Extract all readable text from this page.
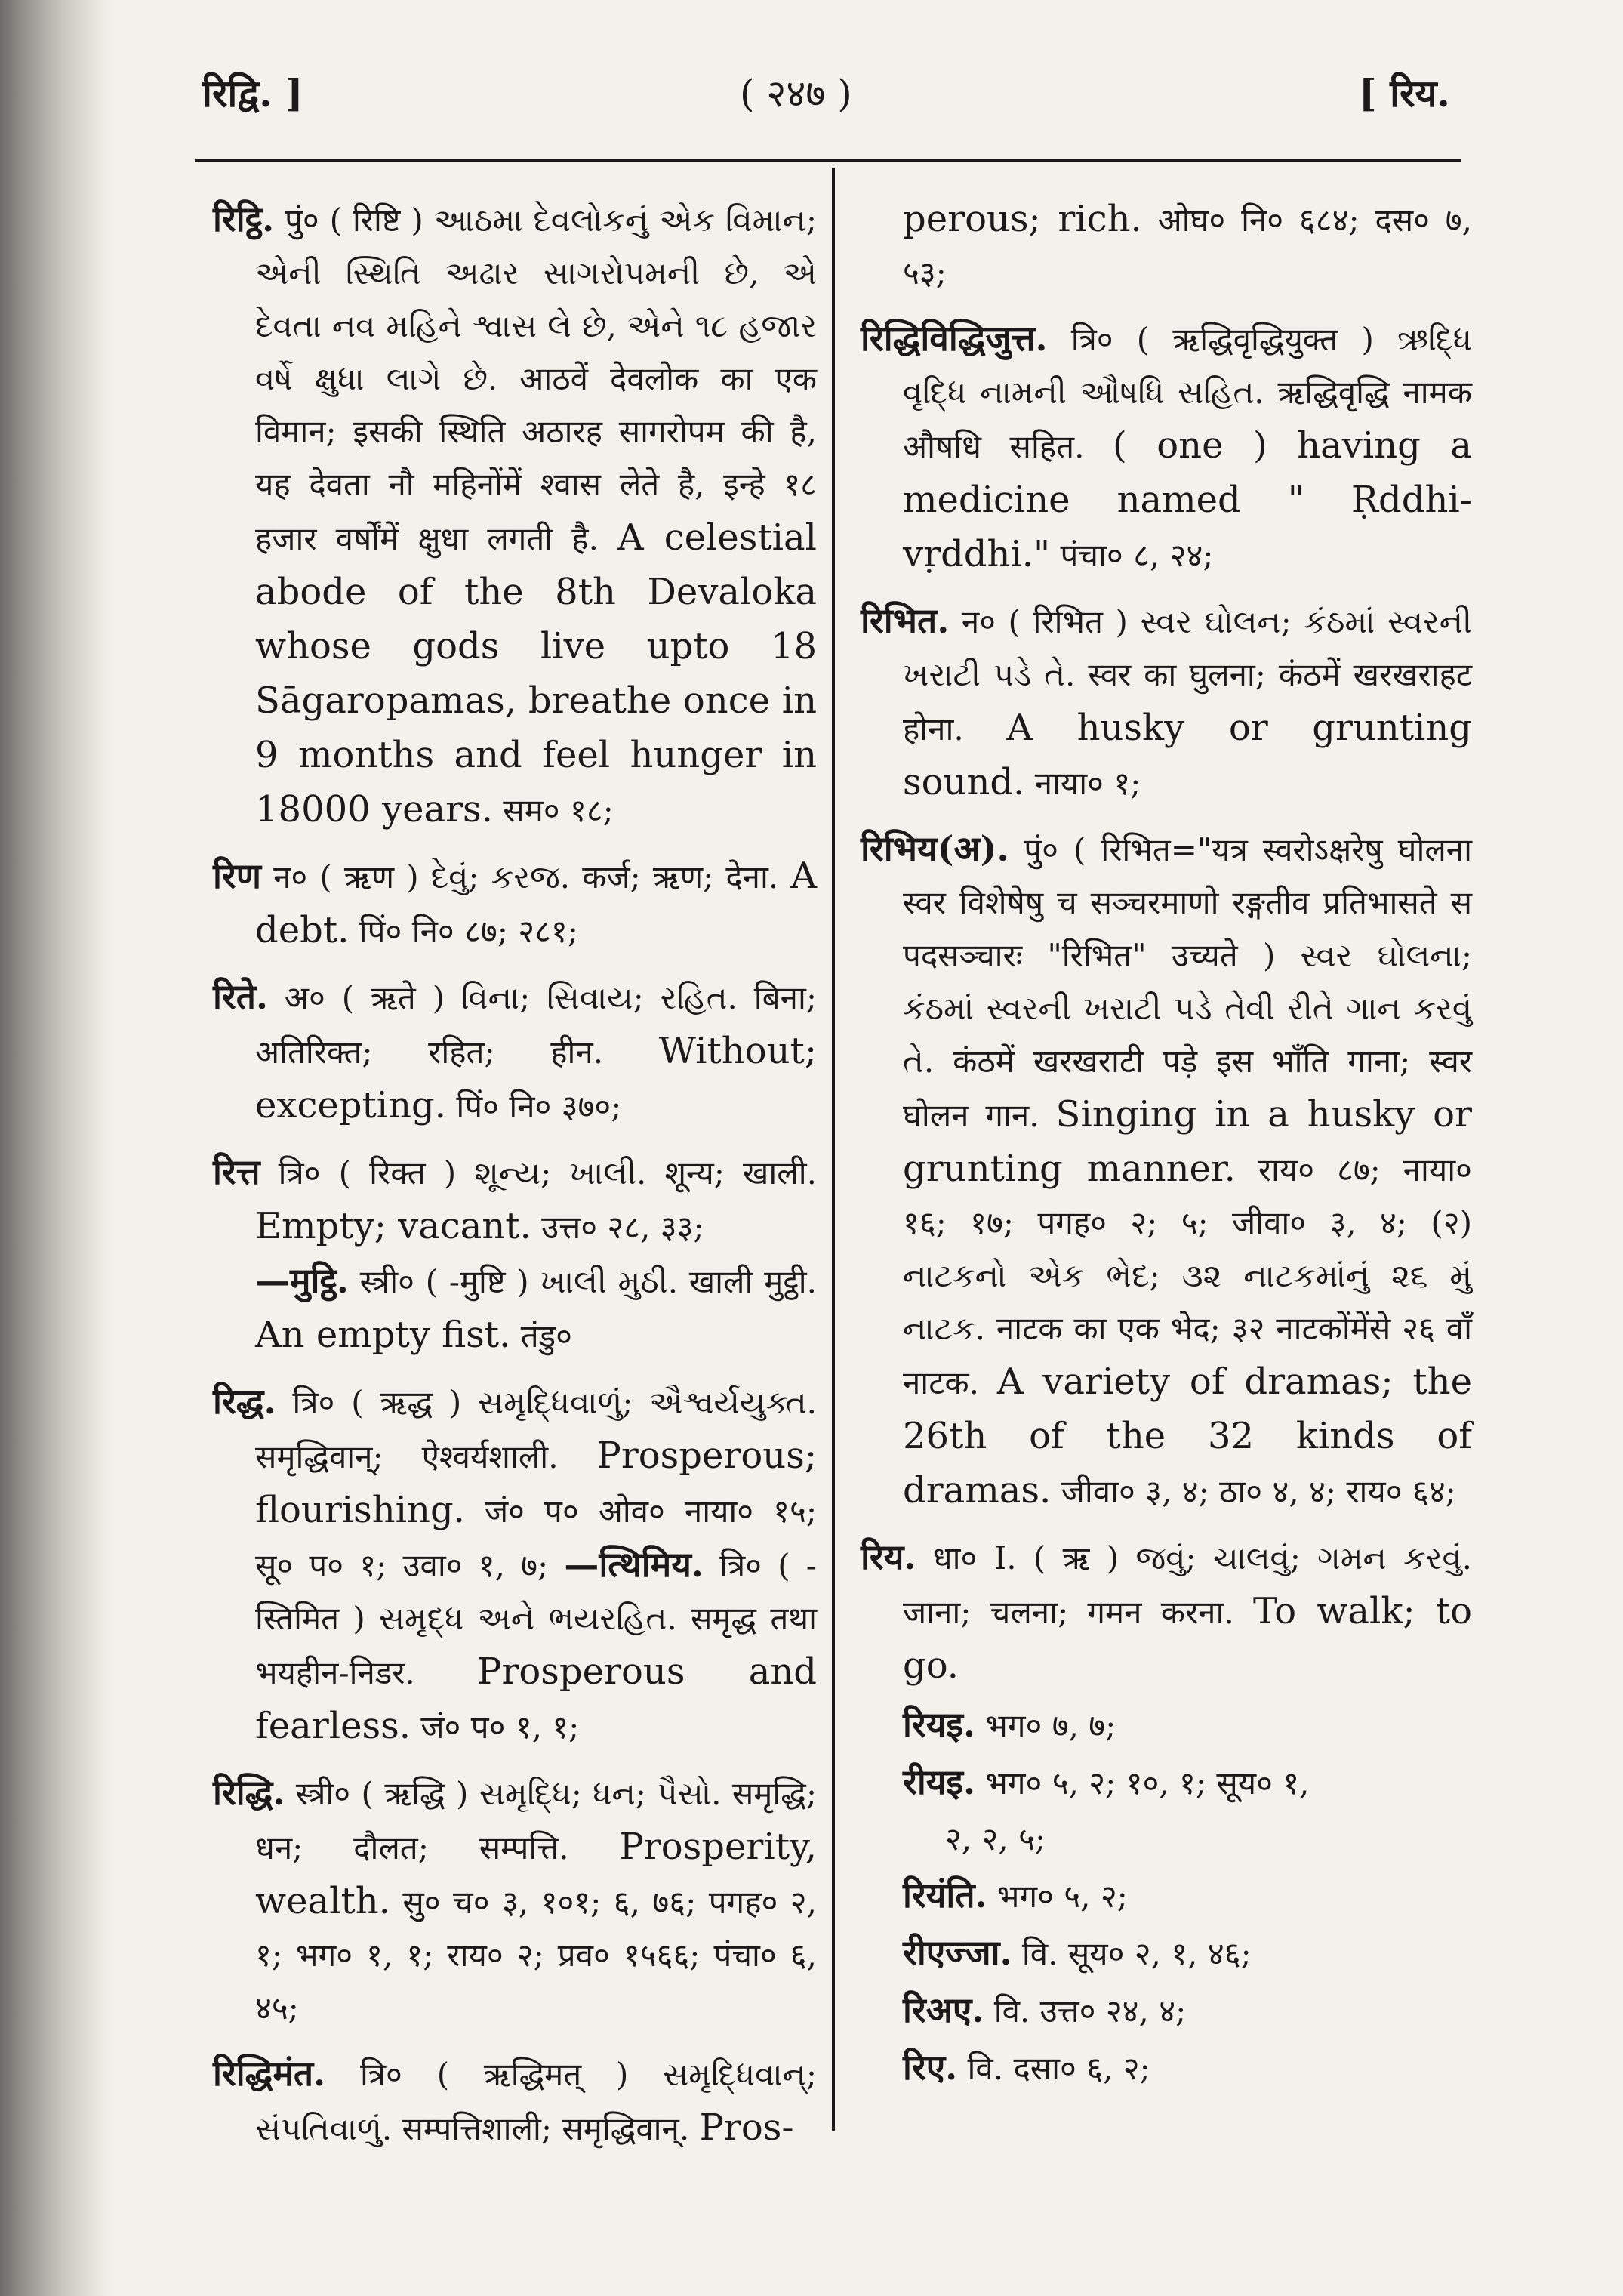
रिद्वि. ]	( २४७ )	[ रिय.

रिट्ठि. पुं० ( रिष्टि ) આઠમા દેવલોકનું એક વિમાન; એની સ્થિતિ અઢાર સાગરોપમની છે, એ દેવતા નવ મહિને શ્વાસ લે છે, એને ૧૮ હજાર વર્ષે ક્ષુધા લાગે છે. आठवें देवलोक का एक विमान; इसकी स्थिति अठारह सागरोपम की है, यह देवता नौ महिनोंमें श्वास लेते है, इन्हे १८ हजार वर्षोंमें क्षुधा लगती है. A celestial abode of the 8th Devaloka whose gods live upto 18 Sāgaropamas, breathe once in 9 months and feel hunger in 18000 years. सम० १८;

रिण न० ( ऋण ) દેવું; કરજ. कर्ज; ऋण; देना. A debt. पिं० नि० ८७; २८१;

रिते. अ० ( ऋते ) વિના; સિવાય; રહિત. बिना; अतिरिक्त; रहित; हीन. Without; excepting. पिं० नि० ३७०;

रित्त त्रि० ( रिक्त ) શૂન્ય; ખાલી. शून्य; खाली. Empty; vacant. उत्त० २८, ३३;

—मुट्ठि. स्त्री० ( -मुष्टि ) ખાલી મુઠી. खाली मुट्ठी. An empty fist. तंडु०

रिद्ध. त्रि० ( ऋद्ध ) સમૃદ્ધિવાળું; ઐશ્વર્યયુક્ત. समृद्धिवान्; ऐश्वर्यशाली. Prosperous; flourishing. जं० प० ओव० नाया० १५; सू० प० १; उवा० १, ७; —त्थिमिय. त्रि० ( -स्तिमित ) સમૃદ્ધ અને ભયરહિત. समृद्ध तथा भयहीन-निडर. Prosperous and fearless. जं० प० १, १;

रिद्धि. स्त्री० ( ऋद्धि ) સમૃદ્ધિ; ધન; પૈસો. समृद्धि; धन; दौलत; सम्पत्ति. Prosperity, wealth. सु० च० ३, १०१; ६, ७६; पगह० २, १; भग० १, १; राय० २; प्रव० १५६६; पंचा० ६, ४५;

रिद्धिमंत. त्रि० ( ऋद्धिमत् ) સમૃદ્ધિવાન્; સંપતિવાળું. सम्पत्तिशाली; समृद्धिवान्. Pros-

perous; rich. ओघ० नि० ६८४; दस० ७, ५३;

रिद्धिविद्धिजुत्त. त्रि० ( ऋद्धिवृद्धियुक्त ) ઋદ્ધિ વૃદ્ધિ નામની ઔષધિ સહિત. ऋद्धिवृद्धि नामक औषधि सहित. ( one ) having a medicine named " Ṛddhi-vṛddhi." पंचा० ८, २४;

रिभित. न० ( रिभित ) સ્વર ઘોલન; કંઠમાં સ્વરની ખરાટી પડે તે. स्वर का घुलना; कंठमें खरखराहट होना. A husky or grunting sound. नाया० १;

रिभिय(अ). पुं० ( रिभित="यत्र स्वरोऽक्षरेषु घोलना स्वर विशेषेषु च सञ्चरमाणो रङ्गतीव प्रतिभासते स पदसञ्चारः "रिभित" उच्यते ) સ્વર ઘોલના; કંઠમાં સ્વરની ખરાટી પડે તેવી રીતે ગાન કરવું તે. कंठमें खरखराटी पड़े इस भाँति गाना; स्वर घोलन गान. Singing in a husky or grunting manner. राय० ८७; नाया० १६; १७; पगह० २; ५; जीवा० ३, ४; (२) નાટકનો એક ભેદ; ૩૨ નાટકમાંનું ૨૬ મું નાટક. नाटक का एक भेद; ३२ नाटकोंमेंसे २६ वाँ नाटक. A variety of dramas; the 26th of the 32 kinds of dramas. जीवा० ३, ४; ठा० ४, ४; राय० ६४;

रिय. धा० I. ( ऋ ) જવું; ચાલવું; ગમન કરવું. जाना; चलना; गमन करना. To walk; to go.

रियइ. भग० ७, ७;

रीयइ. भग० ५, २; १०, १; सूय० १,

२, २, ५;

रियंति. भग० ५, २;

रीएज्जा. वि. सूय० २, १, ४६;

रिअए. वि. उत्त० २४, ४;

रिए. वि. दसा० ६, २;
